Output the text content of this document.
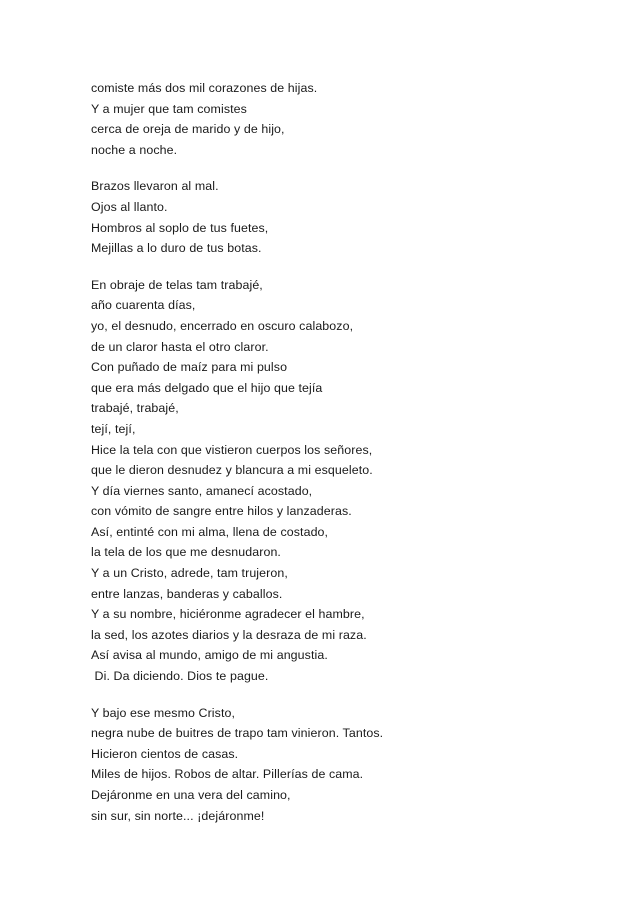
comiste más dos mil corazones de hijas.
Y a mujer que tam comistes
cerca de oreja de marido y de hijo,
noche a noche.
Brazos llevaron al mal.
Ojos al llanto.
Hombros al soplo de tus fuetes,
Mejillas a lo duro de tus botas.
En obraje de telas tam trabajé,
año cuarenta días,
yo, el desnudo, encerrado en oscuro calabozo,
de un claror hasta el otro claror.
Con puñado de maíz para mi pulso
que era más delgado que el hijo que tejía
trabajé, trabajé,
tejí, tejí,
Hice la tela con que vistieron cuerpos los señores,
que le dieron desnudez y blancura a mi esqueleto.
Y día viernes santo, amanecí acostado,
con vómito de sangre entre hilos y lanzaderas.
Así, entinté con mi alma, llena de costado,
la tela de los que me desnudaron.
Y a un Cristo, adrede, tam trujeron,
entre lanzas, banderas y caballos.
Y a su nombre, hiciéronme agradecer el hambre,
la sed, los azotes diarios y la desraza de mi raza.
Así avisa al mundo, amigo de mi angustia.
Di. Da diciendo. Dios te pague.
Y bajo ese mesmo Cristo,
negra nube de buitres de trapo tam vinieron. Tantos.
Hicieron cientos de casas.
Miles de hijos. Robos de altar. Pillerías de cama.
Dejáronme en una vera del camino,
sin sur, sin norte... ¡dejáronme!
